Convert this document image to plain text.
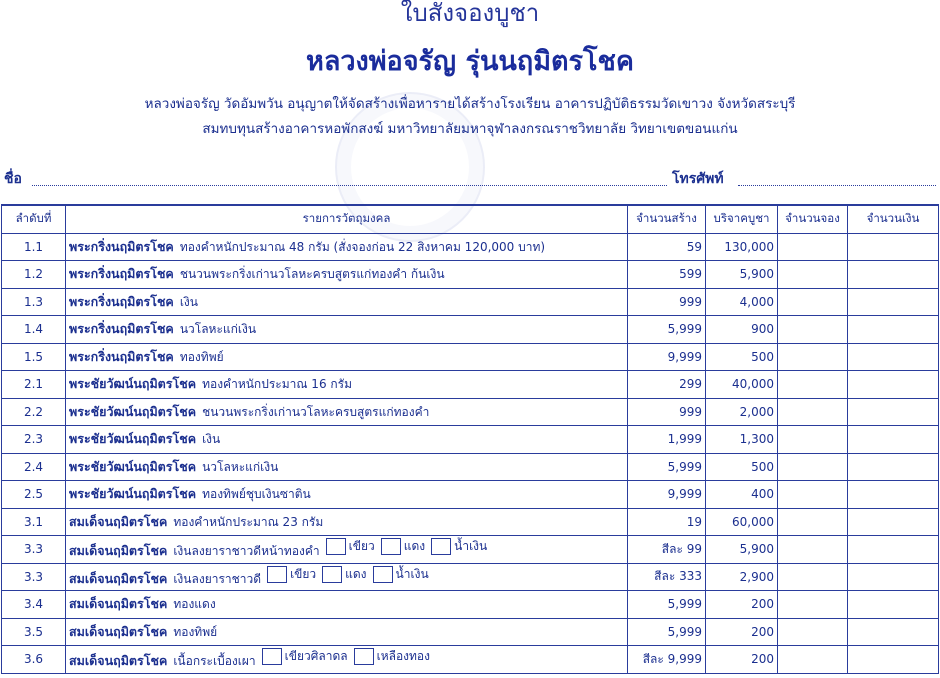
ใบสั่งจองบูชา
หลวงพ่อจรัญ รุ่นนฤมิตรโชค
หลวงพ่อจรัญ วัดอัมพวัน อนุญาตให้จัดสร้างเพื่อหารายได้สร้างโรงเรียน อาคารปฏิบัติธรรมวัดเขาวง จังหวัดสระบุรี
สมทบทุนสร้างอาคารหอพักสงฆ์ มหาวิทยาลัยมหาจุฬาลงกรณราชวิทยาลัย วิทยาเขตขอนแก่น
ชื่อ	โทรศัพท์
ลำดับที่	รายการวัตถุมงคล	จำนวนสร้าง	บริจาคบูชา	จำนวนจอง	จำนวนเงิน
1.1	พระกริ่งนฤมิตรโชค ทองคำหนักประมาณ 48 กรัม (สั่งจองก่อน 22 สิงหาคม 120,000 บาท)	59	130,000		
1.2	พระกริ่งนฤมิตรโชค ชนวนพระกริ่งเก่านวโลหะครบสูตรแก่ทองคำ ก้นเงิน	599	5,900		
1.3	พระกริ่งนฤมิตรโชค เงิน	999	4,000		
1.4	พระกริ่งนฤมิตรโชค นวโลหะแก่เงิน	5,999	900		
1.5	พระกริ่งนฤมิตรโชค ทองทิพย์	9,999	500		
2.1	พระชัยวัฒน์นฤมิตรโชค ทองคำหนักประมาณ 16 กรัม	299	40,000		
2.2	พระชัยวัฒน์นฤมิตรโชค ชนวนพระกริ่งเก่านวโลหะครบสูตรแก่ทองคำ	999	2,000		
2.3	พระชัยวัฒน์นฤมิตรโชค เงิน	1,999	1,300		
2.4	พระชัยวัฒน์นฤมิตรโชค นวโลหะแก่เงิน	5,999	500		
2.5	พระชัยวัฒน์นฤมิตรโชค ทองทิพย์ชุบเงินซาติน	9,999	400		
3.1	สมเด็จนฤมิตรโชค ทองคำหนักประมาณ 23 กรัม	19	60,000		
3.3	สมเด็จนฤมิตรโชค เงินลงยาราชาวดีหน้าทองคำ เขียว แดง น้ำเงิน	สีละ 99	5,900		
3.3	สมเด็จนฤมิตรโชค เงินลงยาราชาวดี เขียว แดง น้ำเงิน	สีละ 333	2,900		
3.4	สมเด็จนฤมิตรโชค ทองแดง	5,999	200		
3.5	สมเด็จนฤมิตรโชค ทองทิพย์	5,999	200		
3.6	สมเด็จนฤมิตรโชค เนื้อกระเบื้องเผา เขียวศิลาดล เหลืองทอง	สีละ 9,999	200		
